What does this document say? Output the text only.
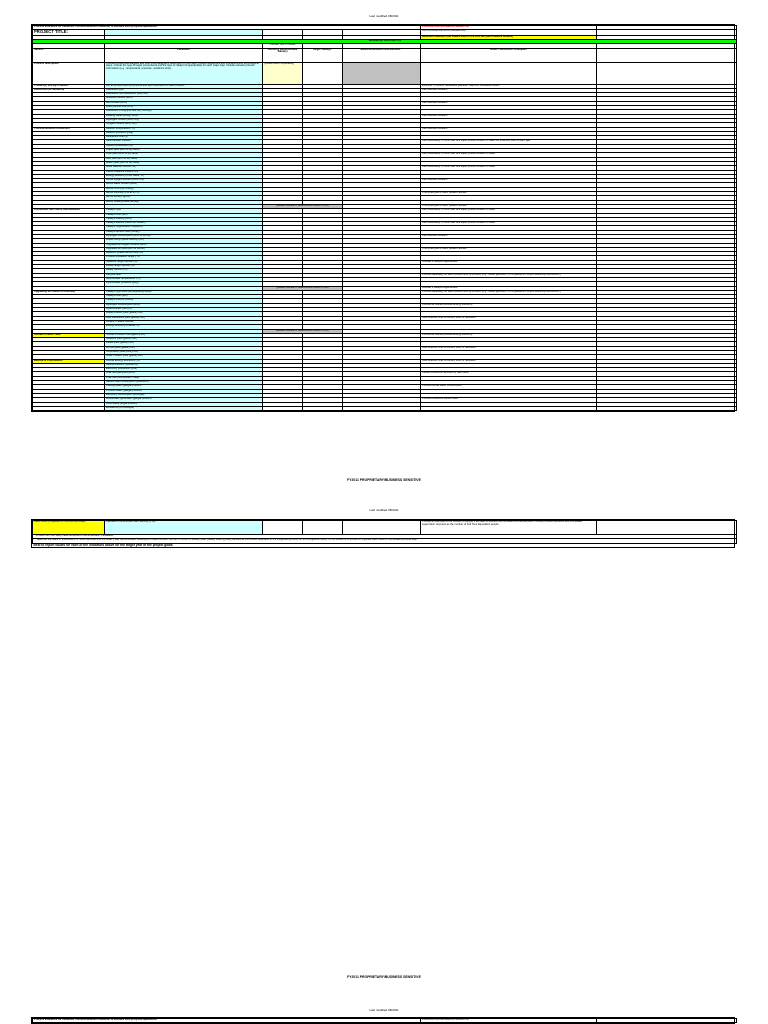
Last modified 08/2011
Process Indicators for Cellulosic Thermochemical Production of Biofuels via Pyrolysis/Liquefaction					PROPRIETARY/BUSINESS SENSITIVE	
PROJECT TITLE:					APPLICABLE METHOD (relevant list)	
					Identified Indicators (all values used in the cost and performance models)	
TECHNICAL DATA INPUTS						
		Indicate Year of Model				
Section	Parameter	Currently Demonstrated Value(s)	Target Value(s)*	Basis/Justification and Methods**	Notes / Directions / Examples	
Process description	Provide a block flow diagram and brief (one paragraph) description of the major process sequences and operations and technological steps. Include the type of target components and the type of catalyst (if appropriate) for each major step. Include relevant process information (e.g., temperature, pressure, residence time).	(Please attach separately)				
Product(s) and By-Products	List all product and by-products and key co-product for each product				Example: Products: renewable gasoline, naphtha, renewable diesel	
Feedstock (as delivered)	Feedstock type				Use standard notation	
	Feedstock cost (delivered, $/dry ton)					
	Moisture content (wt%)					
	Ash content (wt%)				Use standard notation	
	Feed particle size (mm)					
	Feedstock throughput rate (dry ton/day)					
	Heating value (MJ/kg, HHV)				Use standard notation	
	Hydrogen content (wt%, dry)					
	Oxygen content (wt%, dry)					
Thermochemical Conversion	Reactor temperature (°C)				Use standard notation	
	Reactor pressure (psig)					
	Residence time (s)					
	Heat transfer medium				Use individually; if more than one liquid product stream is made, an inventory sum of each gas	
	Carbon conversion (%)					
	Liquid yield (wt% of dry feed)					
	Char yield (wt% of dry feed)				Use individually; if more than one liquid product stream is made	
	Gas yield (wt% of dry feed)					
	Water yield (wt% of dry feed)					
	Mass balance closure (%)				Use individually; if more than one liquid product stream is made	
	Carbon balance closure (%)					
	Energy efficiency (LHV basis, %)					
	Bio-oil oxygen content (wt%, dry)				Use standard notation	
	Bio-oil water content (wt%)					
	Bio-oil TAN (mg KOH/g)					
	Bio-oil viscosity (cSt at 40°C)				If recycled gas is used, please indicate	
	Bio-oil density (g/mL)					
	Bio-oil heating value (MJ/kg)					
		(please indicate in data/method column if not)			If recycled gas is used, please indicate	
Condensed Gas Fuel & Intermediates	Catalyst type				Use individually; if more than one liquid product stream is made	
	Catalyst cost ($/lb)					
	Catalyst loading (wt%)					
	Catalyst lifetime (hours on stream)				Use individually; if more than one liquid product stream is made	
	Catalyst regeneration frequency					
	Catalyst attrition rate (%/day)					
	Hydrogen consumption (wt% of bio-oil)				Use standard notation	
	Liquid hourly space velocity (1/h)					
	Upgraded oil oxygen content (wt%)					
	Upgraded oil yield (wt% of bio-oil)				If recycled gas is used, please indicate	
	Aqueous phase carbon loss (%)					
	Product distillation range (°C)					
	Gasoline range fraction (%)				Indicate if catalyst regenerated	
	Diesel range fraction (%)					
	Heavy fraction (%)					
	Recycle ratio				Provide separately for each product and by-product (e.g., diesel gal/BDMT, LPG gal/BDMT, export electricity kWh/BDMT)	
	Hydrotreater temperature (°C)					
	Hydrotreater pressure (psig)					
		(please indicate in data/method column if not)			Indicate if catalyst regenerated	
Upgrading & Product Processing	Catalyst type used (all upgrading steps)				Provide separately for each product and by-product (e.g., diesel gal/BDMT, LPG gal/BDMT, export electricity kWh/BDMT)	
	Catalyst cost ($/lb)					
	Catalyst lifetime (hours)					
	Hydrogen consumption (wt%)				Provide as overall process energy efficiency	
	Hydrocracker yield (%)					
	Liquid product yield (gal/dry ton)					
	Fuel blendstock yield (gal/dry ton)				Note whether char is burned, sold, or landfilled	
	Octane / cetane number					
	Energy efficiency (overall, %)					
		(please indicate in data/method column if not)				
Overall Process Yield	Overall Process Yield (gal/dry ton)				Provide as overall process energy efficiency	
	Gasoline yield (gal/dry ton)					
	Diesel yield (gal/dry ton)					
	Jet fuel yield (gal/dry ton)				Note whether char is burned, sold, or landfilled	
	Co-product yield (lb/dry ton)					
	Other Product yield (gal/dry ton)					
Biochar & Co-products	Overall Energy Efficiency (%)				Note whether char is burned, sold, or landfilled	
	Heat production (MMBtu/hr)					
	Electricity production (MW)					
	Char and gas yield (wt%)				Utilities should be reported by plant area	
	Char use (combustion / sale)					
	Natural Gas consumption (MMBtu/hr)					
	Cooling water (gal/gal product)				Provide overall water consumption	
	Process water (gal/gal product)					
	Electricity consumption (kWh/gal)					
	Wastewater generated (gal/gal product)				Provide emissions factors used	
	Solid waste (lb/gal product)					
	Emissions (lb CO2e/gal)					
FY2011 PROPRIETARY/BUSINESS SENSITIVE
Last modified 08/2011
Labor costs (Projected for commercial scale)	Operation Commercial Plant Staffing (FTE)				Provide an estimate of the number of people it will take to operate the full-scale commercial plant. Include process operators and immediate supervision. Express as the number of Full Time Equivalent people.	
* Provide the most likely value achieved or demonstrated, if available.
** Describe the basis or justification for result reported and the scale it was demonstrated. Examples of basis include: number of hours on steady state (steady state typically defined as continuous operation of the integrated process for 24 contiguous hours), or the results of a number of replicate batch tests of the isolated process step.
Best to report values for each of the indicators above for the target year of the project goals.
FY2011 PROPRIETARY/BUSINESS SENSITIVE
Last modified 08/2011
Process Indicators for Cellulosic Thermochemical Production of Biofuels via Pyrolysis/Liquefaction	PROPRIETARY/BUSINESS SENSITIVE	
